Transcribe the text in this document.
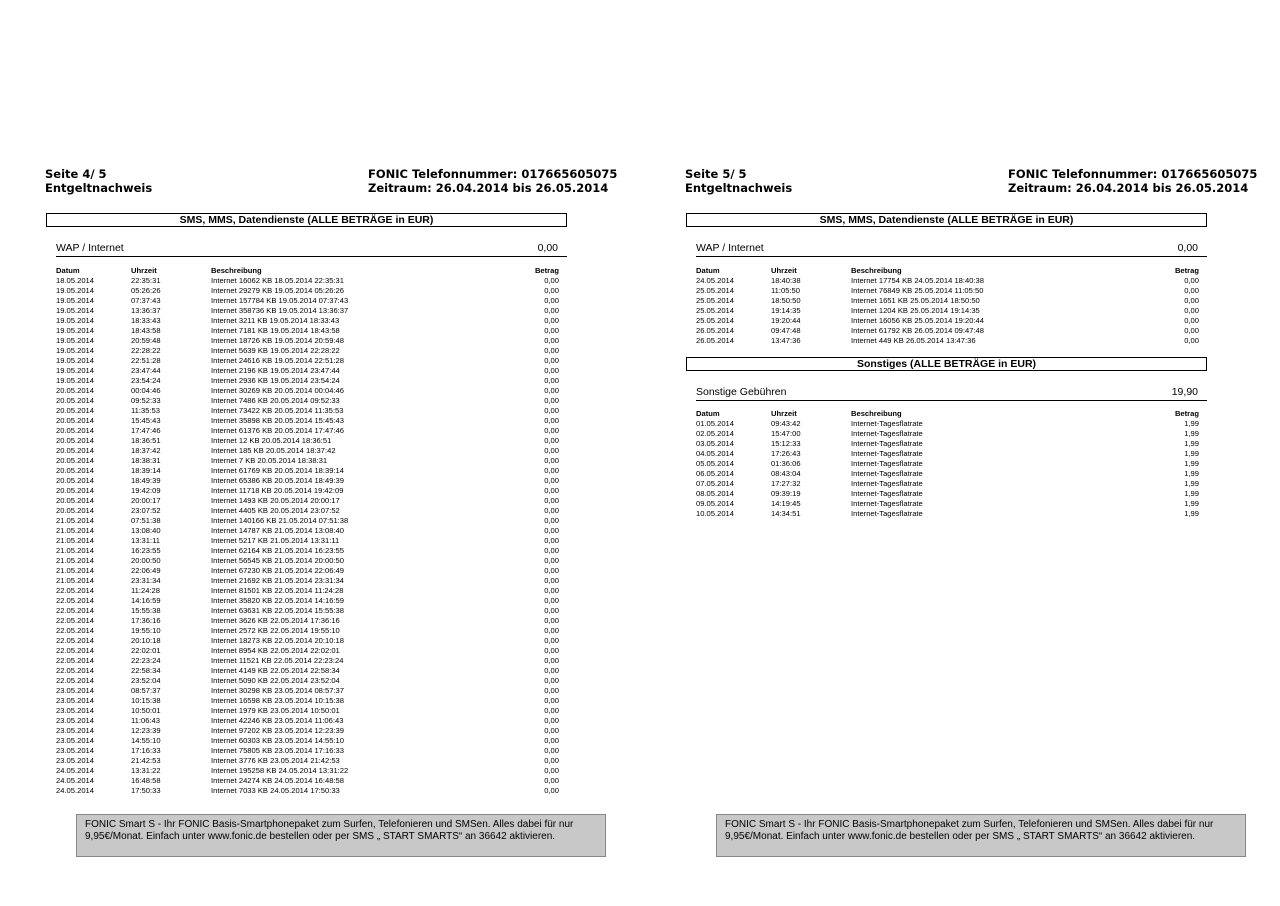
Seite 4/ 5
Entgeltnachweis
FONIC Telefonnummer: 017665605075
Zeitraum: 26.04.2014 bis 26.05.2014
SMS, MMS, Datendienste (ALLE BETRÄGE in EUR)
WAP / Internet	0,00
Datum	Uhrzeit	Beschreibung	Betrag
18.05.2014	22:35:31	Internet 16062 KB 18.05.2014 22:35:31	0,00
19.05.2014	05:26:26	Internet 29279 KB 19.05.2014 05:26:26	0,00
19.05.2014	07:37:43	Internet 157784 KB 19.05.2014 07:37:43	0,00
19.05.2014	13:36:37	Internet 358736 KB 19.05.2014 13:36:37	0,00
19.05.2014	18:33:43	Internet 3211 KB 19.05.2014 18:33:43	0,00
19.05.2014	18:43:58	Internet 7181 KB 19.05.2014 18:43:58	0,00
19.05.2014	20:59:48	Internet 18726 KB 19.05.2014 20:59:48	0,00
19.05.2014	22:28:22	Internet 5639 KB 19.05.2014 22:28:22	0,00
19.05.2014	22:51:28	Internet 24616 KB 19.05.2014 22:51:28	0,00
19.05.2014	23:47:44	Internet 2196 KB 19.05.2014 23:47:44	0,00
19.05.2014	23:54:24	Internet 2936 KB 19.05.2014 23:54:24	0,00
20.05.2014	00:04:46	Internet 30269 KB 20.05.2014 00:04:46	0,00
20.05.2014	09:52:33	Internet 7486 KB 20.05.2014 09:52:33	0,00
20.05.2014	11:35:53	Internet 73422 KB 20.05.2014 11:35:53	0,00
20.05.2014	15:45:43	Internet 35898 KB 20.05.2014 15:45:43	0,00
20.05.2014	17:47:46	Internet 61376 KB 20.05.2014 17:47:46	0,00
20.05.2014	18:36:51	Internet 12 KB 20.05.2014 18:36:51	0,00
20.05.2014	18:37:42	Internet 185 KB 20.05.2014 18:37:42	0,00
20.05.2014	18:38:31	Internet 7 KB 20.05.2014 18:38:31	0,00
20.05.2014	18:39:14	Internet 61769 KB 20.05.2014 18:39:14	0,00
20.05.2014	18:49:39	Internet 65386 KB 20.05.2014 18:49:39	0,00
20.05.2014	19:42:09	Internet 11718 KB 20.05.2014 19:42:09	0,00
20.05.2014	20:00:17	Internet 1493 KB 20.05.2014 20:00:17	0,00
20.05.2014	23:07:52	Internet 4405 KB 20.05.2014 23:07:52	0,00
21.05.2014	07:51:38	Internet 140166 KB 21.05.2014 07:51:38	0,00
21.05.2014	13:08:40	Internet 14787 KB 21.05.2014 13:08:40	0,00
21.05.2014	13:31:11	Internet 5217 KB 21.05.2014 13:31:11	0,00
21.05.2014	16:23:55	Internet 62164 KB 21.05.2014 16:23:55	0,00
21.05.2014	20:00:50	Internet 56545 KB 21.05.2014 20:00:50	0,00
21.05.2014	22:06:49	Internet 67230 KB 21.05.2014 22:06:49	0,00
21.05.2014	23:31:34	Internet 21692 KB 21.05.2014 23:31:34	0,00
22.05.2014	11:24:28	Internet 81501 KB 22.05.2014 11:24:28	0,00
22.05.2014	14:16:59	Internet 35820 KB 22.05.2014 14:16:59	0,00
22.05.2014	15:55:38	Internet 63631 KB 22.05.2014 15:55:38	0,00
22.05.2014	17:36:16	Internet 3626 KB 22.05.2014 17:36:16	0,00
22.05.2014	19:55:10	Internet 2572 KB 22.05.2014 19:55:10	0,00
22.05.2014	20:10:18	Internet 18273 KB 22.05.2014 20:10:18	0,00
22.05.2014	22:02:01	Internet 8954 KB 22.05.2014 22:02:01	0,00
22.05.2014	22:23:24	Internet 11521 KB 22.05.2014 22:23:24	0,00
22.05.2014	22:58:34	Internet 4149 KB 22.05.2014 22:58:34	0,00
22.05.2014	23:52:04	Internet 5090 KB 22.05.2014 23:52:04	0,00
23.05.2014	08:57:37	Internet 30298 KB 23.05.2014 08:57:37	0,00
23.05.2014	10:15:38	Internet 16598 KB 23.05.2014 10:15:38	0,00
23.05.2014	10:50:01	Internet 1979 KB 23.05.2014 10:50:01	0,00
23.05.2014	11:06:43	Internet 42246 KB 23.05.2014 11:06:43	0,00
23.05.2014	12:23:39	Internet 97202 KB 23.05.2014 12:23:39	0,00
23.05.2014	14:55:10	Internet 60303 KB 23.05.2014 14:55:10	0,00
23.05.2014	17:16:33	Internet 75805 KB 23.05.2014 17:16:33	0,00
23.05.2014	21:42:53	Internet 3776 KB 23.05.2014 21:42:53	0,00
24.05.2014	13:31:22	Internet 195258 KB 24.05.2014 13:31:22	0,00
24.05.2014	16:48:58	Internet 24274 KB 24.05.2014 16:48:58	0,00
24.05.2014	17:50:33	Internet 7033 KB 24.05.2014 17:50:33	0,00
FONIC Smart S - Ihr FONIC Basis-Smartphonepaket zum Surfen, Telefonieren und SMSen. Alles dabei für nur 9,95€/Monat. Einfach unter www.fonic.de bestellen oder per SMS „ START SMARTS“ an 36642 aktivieren.
Seite 5/ 5
Entgeltnachweis
FONIC Telefonnummer: 017665605075
Zeitraum: 26.04.2014 bis 26.05.2014
SMS, MMS, Datendienste (ALLE BETRÄGE in EUR)
WAP / Internet	0,00
Datum	Uhrzeit	Beschreibung	Betrag
24.05.2014	18:40:38	Internet 17754 KB 24.05.2014 18:40:38	0,00
25.05.2014	11:05:50	Internet 76849 KB 25.05.2014 11:05:50	0,00
25.05.2014	18:50:50	Internet 1651 KB 25.05.2014 18:50:50	0,00
25.05.2014	19:14:35	Internet 1204 KB 25.05.2014 19:14:35	0,00
25.05.2014	19:20:44	Internet 16056 KB 25.05.2014 19:20:44	0,00
26.05.2014	09:47:48	Internet 61792 KB 26.05.2014 09:47:48	0,00
26.05.2014	13:47:36	Internet 449 KB 26.05.2014 13:47:36	0,00
Sonstiges (ALLE BETRÄGE in EUR)
Sonstige Gebühren	19,90
Datum	Uhrzeit	Beschreibung	Betrag
01.05.2014	09:43:42	Internet-Tagesflatrate	1,99
02.05.2014	15:47:00	Internet-Tagesflatrate	1,99
03.05.2014	15:12:33	Internet-Tagesflatrate	1,99
04.05.2014	17:26:43	Internet-Tagesflatrate	1,99
05.05.2014	01:36:06	Internet-Tagesflatrate	1,99
06.05.2014	08:43:04	Internet-Tagesflatrate	1,99
07.05.2014	17:27:32	Internet-Tagesflatrate	1,99
08.05.2014	09:39:19	Internet-Tagesflatrate	1,99
09.05.2014	14:19:45	Internet-Tagesflatrate	1,99
10.05.2014	14:34:51	Internet-Tagesflatrate	1,99
FONIC Smart S - Ihr FONIC Basis-Smartphonepaket zum Surfen, Telefonieren und SMSen. Alles dabei für nur 9,95€/Monat. Einfach unter www.fonic.de bestellen oder per SMS „ START SMARTS“ an 36642 aktivieren.
